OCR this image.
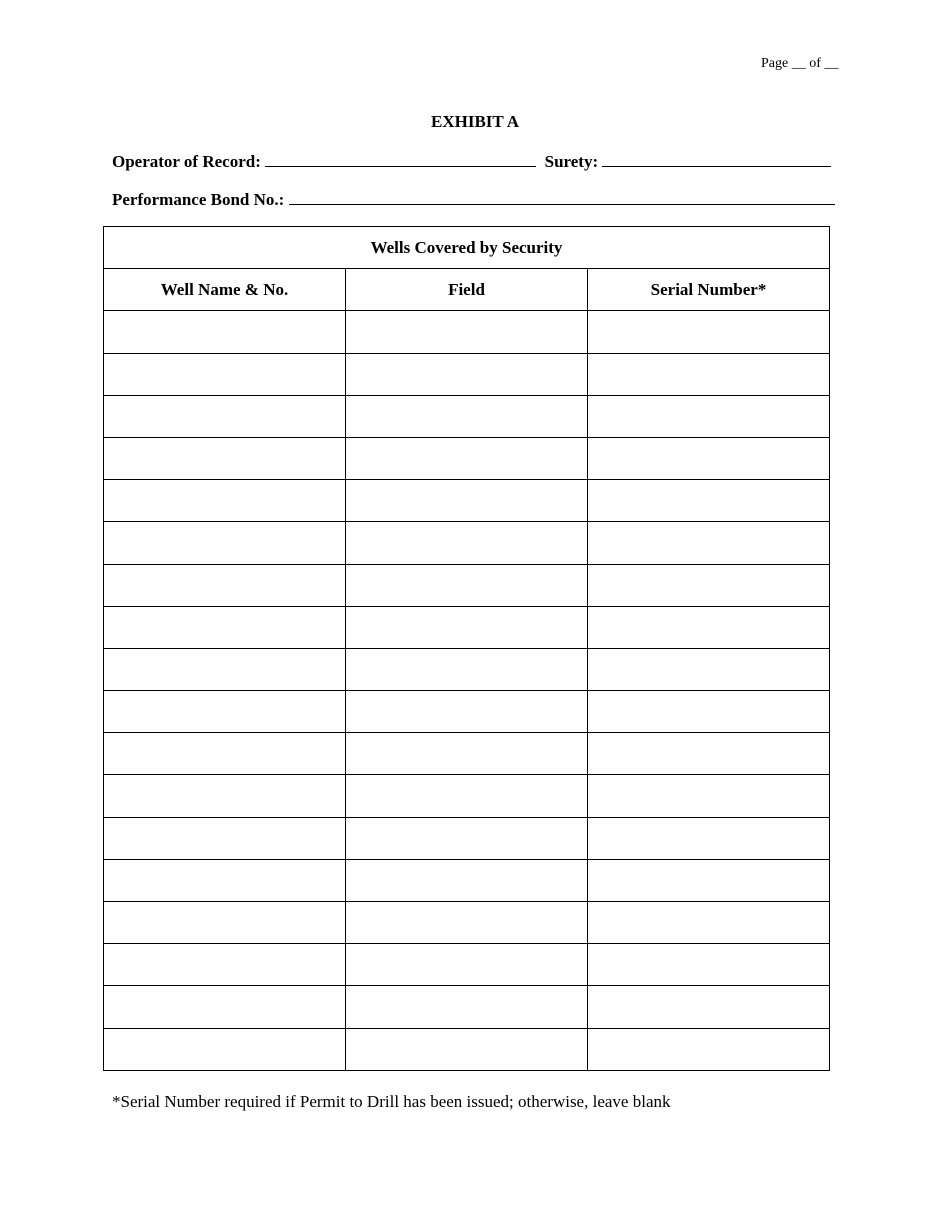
Page __ of __
EXHIBIT A
Operator of Record:	Surety:
Performance Bond No.:
Wells Covered by Security		
Well Name & No.	Field	Serial Number*

*Serial Number required if Permit to Drill has been issued; otherwise, leave blank
